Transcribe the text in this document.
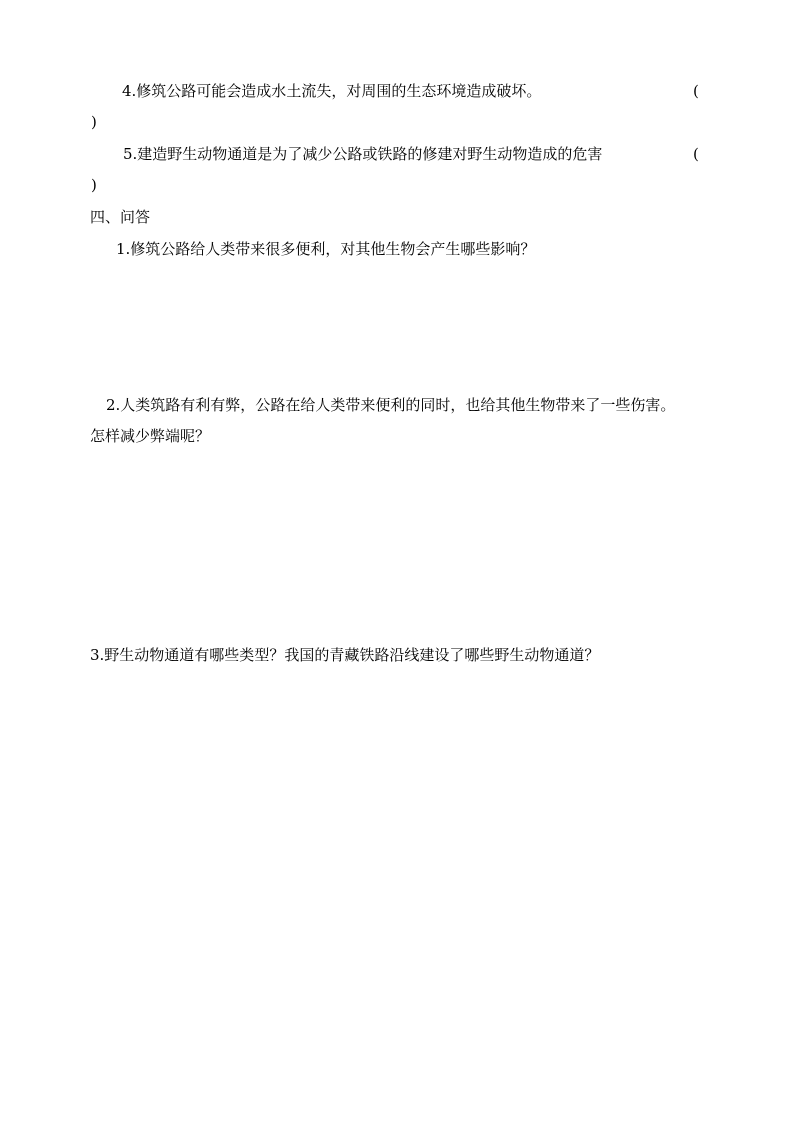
4.修筑公路可能会造成水土流失，对周围的生态环境造成破坏。	(
)
5.建造野生动物通道是为了减少公路或铁路的修建对野生动物造成的危害	(
)
四、问答
1.修筑公路给人类带来很多便利，对其他生物会产生哪些影响？
2.人类筑路有利有弊，公路在给人类带来便利的同时，也给其他生物带来了一些伤害。
怎样减少弊端呢？
3.野生动物通道有哪些类型？我国的青藏铁路沿线建设了哪些野生动物通道？
